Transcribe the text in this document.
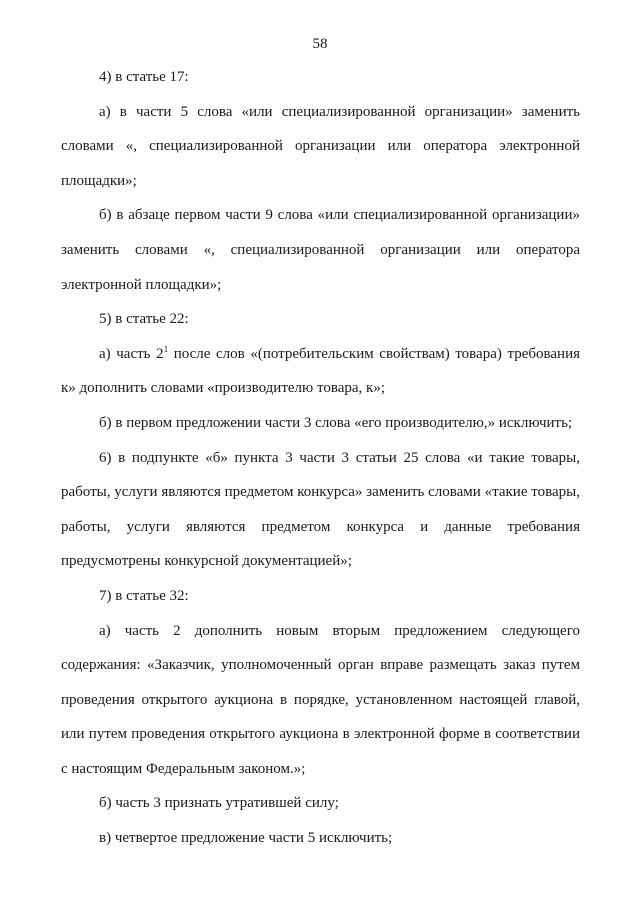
58

4) в статье 17:

а) в части 5 слова «или специализированной организации» заменить словами «, специализированной организации или оператора электронной площадки»;

б) в абзаце первом части 9 слова «или специализированной организации» заменить словами «, специализированной организации или оператора электронной площадки»;

5) в статье 22:

а) часть $2^1$ после слов «(потребительским свойствам) товара) требования к» дополнить словами «производителю товара, к»;

б) в первом предложении части 3 слова «его производителю,» исключить;

6) в подпункте «б» пункта 3 части 3 статьи 25 слова «и такие товары, работы, услуги являются предметом конкурса» заменить словами «такие товары, работы, услуги являются предметом конкурса и данные требования предусмотрены конкурсной документацией»;

7) в статье 32:

а) часть 2 дополнить новым вторым предложением следующего содержания: «Заказчик, уполномоченный орган вправе размещать заказ путем проведения открытого аукциона в порядке, установленном настоящей главой, или путем проведения открытого аукциона в электронной форме в соответствии с настоящим Федеральным законом.»;

б) часть 3 признать утратившей силу;

в) четвертое предложение части 5 исключить;
